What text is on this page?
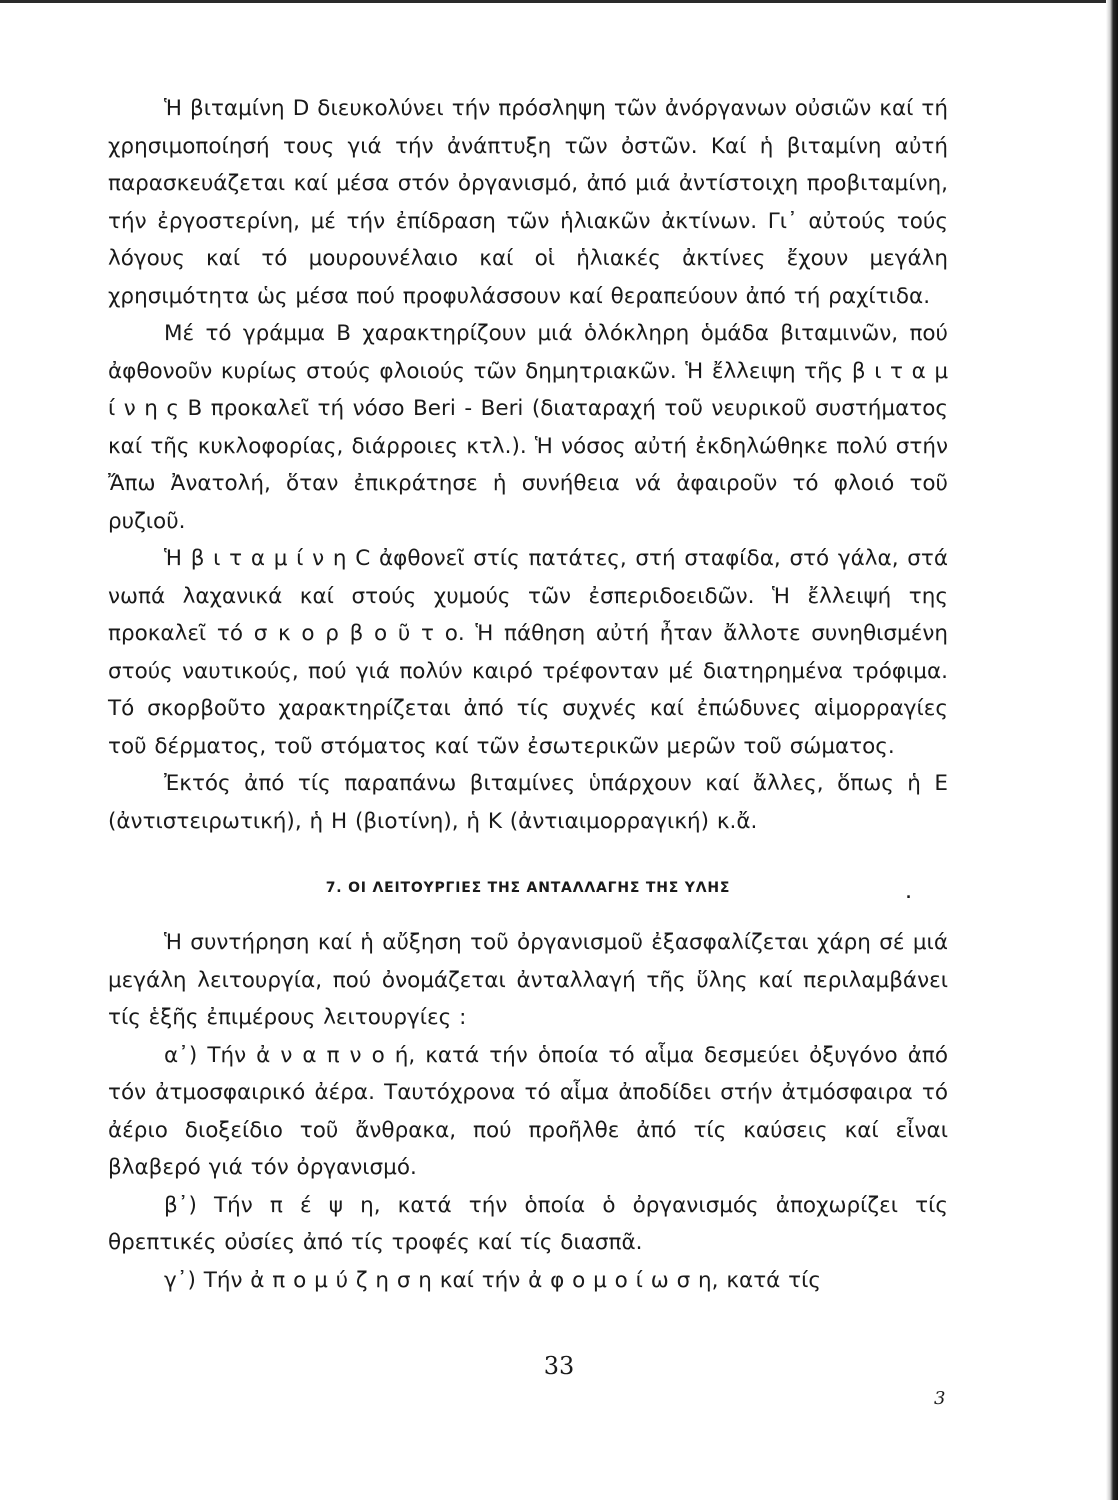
Ἡ βιταμίνη D διευκολύνει τήν πρόσληψη τῶν ἀνόργανων οὐσιῶν καί τή χρησιμοποίησή τους γιά τήν ἀνάπτυξη τῶν ὀστῶν. Καί ἡ βιταμίνη αὐτή παρασκευάζεται καί μέσα στόν ὀργανισμό, ἀπό μιά ἀντίστοιχη προβιταμίνη, τήν ἐργοστερίνη, μέ τήν ἐπίδραση τῶν ἡλιακῶν ἀκτίνων. Γι᾽ αὐτούς τούς λόγους καί τό μουρουνέλαιο καί οἱ ἡλιακές ἀκτίνες ἔχουν μεγάλη χρησιμότητα ὡς μέσα πού προφυλάσσουν καί θεραπεύουν ἀπό τή ραχίτιδα.

Μέ τό γράμμα B χαρακτηρίζουν μιά ὁλόκληρη ὁμάδα βιταμινῶν, πού ἀφθονοῦν κυρίως στούς φλοιούς τῶν δημητριακῶν. Ἡ ἔλλειψη τῆς β ι τ α μ ί ν η ς B προκαλεῖ τή νόσο Beri - Beri (διαταραχή τοῦ νευρικοῦ συστήματος καί τῆς κυκλοφορίας, διάρροιες κτλ.). Ἡ νόσος αὐτή ἐκδηλώθηκε πολύ στήν Ἄπω Ἀνατολή, ὅταν ἐπικράτησε ἡ συνήθεια νά ἀφαιροῦν τό φλοιό τοῦ ρυζιοῦ.

Ἡ β ι τ α μ ί ν η C ἀφθονεῖ στίς πατάτες, στή σταφίδα, στό γάλα, στά νωπά λαχανικά καί στούς χυμούς τῶν ἐσπεριδοειδῶν. Ἡ ἔλλειψή της προκαλεῖ τό σ κ ο ρ β ο ῦ τ ο. Ἡ πάθηση αὐτή ἦταν ἄλλοτε συνηθισμένη στούς ναυτικούς, πού γιά πολύν καιρό τρέφονταν μέ διατηρημένα τρόφιμα. Τό σκορβοῦτο χαρακτηρίζεται ἀπό τίς συχνές καί ἐπώδυνες αἱμορραγίες τοῦ δέρματος, τοῦ στόματος καί τῶν ἐσωτερικῶν μερῶν τοῦ σώματος.

Ἐκτός ἀπό τίς παραπάνω βιταμίνες ὑπάρχουν καί ἄλλες, ὅπως ἡ E (ἀντιστειρωτική), ἡ H (βιοτίνη), ἡ K (ἀντιαιμορραγική) κ.ἄ.

7. ΟΙ ΛΕΙΤΟΥΡΓΙΕΣ ΤΗΣ ΑΝΤΑΛΛΑΓΗΣ ΤΗΣ ΥΛΗΣ	.

Ἡ συντήρηση καί ἡ αὔξηση τοῦ ὀργανισμοῦ ἐξασφαλίζεται χάρη σέ μιά μεγάλη λειτουργία, πού ὀνομάζεται ἀνταλλαγή τῆς ὕλης καί περιλαμβάνει τίς ἑξῆς ἐπιμέρους λειτουργίες :

α᾽) Τήν ἀ ν α π ν ο ή, κατά τήν ὁποία τό αἷμα δεσμεύει ὀξυγόνο ἀπό τόν ἀτμοσφαιρικό ἀέρα. Ταυτόχρονα τό αἷμα ἀποδίδει στήν ἀτμόσφαιρα τό ἀέριο διοξείδιο τοῦ ἄνθρακα, πού προῆλθε ἀπό τίς καύσεις καί εἶναι βλαβερό γιά τόν ὀργανισμό.

β᾽) Τήν π έ ψ η, κατά τήν ὁποία ὁ ὀργανισμός ἀποχωρίζει τίς θρεπτικές οὐσίες ἀπό τίς τροφές καί τίς διασπᾶ.

γ᾽) Τήν ἀ π ο μ ύ ζ η σ η καί τήν ἀ φ ο μ ο ί ω σ η, κατά τίς

33
3
